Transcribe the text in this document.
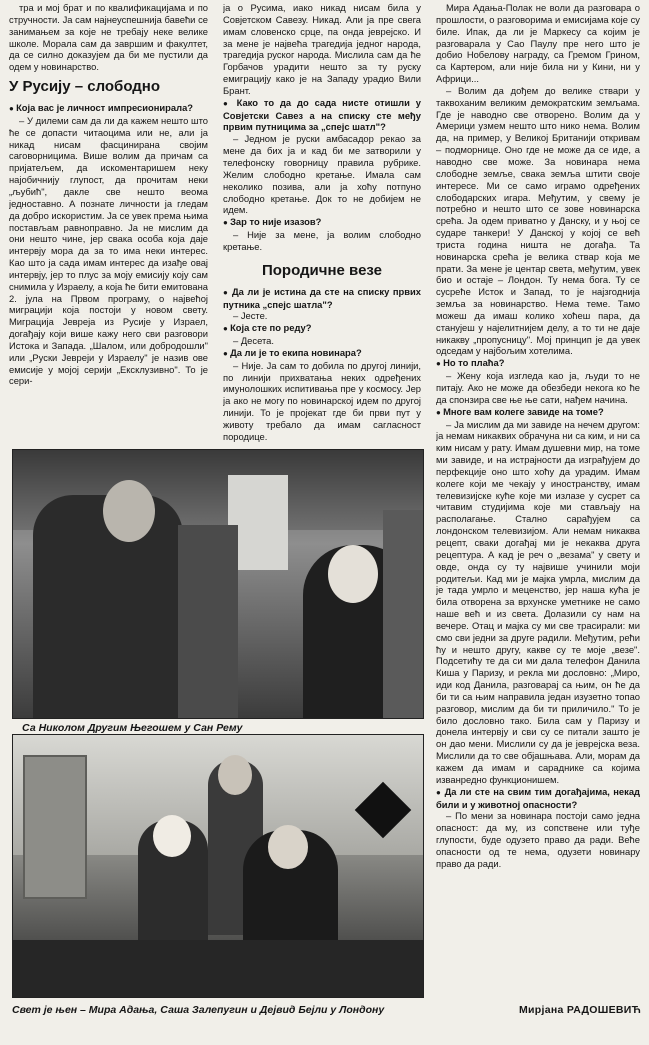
тра и мој брат и по квалификацијама и по стручности. Ја сам најнеуспешнија бавећи се занимањем за које не требају неке велике школе. Морала сам да завршим и факултет, да се силно доказујем да би ме пустили да одем у новинарство.

У Русију – слободно

● Која вас је личност импресионирала?

– У дилеми сам да ли да кажем нешто што ће се допасти читаоцима или не, али ја никад нисам фасцинирана својим саговорницима. Више волим да причам са пријатељем, да искоментаришем неку најобичнију глупост, да прочитам неки „љубић", дакле све нешто веома једноставно. А познате личности ја гледам да добро искористим. Ја се увек према њима постављам равноправно. Ја не мислим да они нешто чине, јер свака особа која даје интервју мора да за то има неки интерес. Као што ја сада имам интерес да изађе овај интервју, јер то плус за моју емисију коју сам снимила у Израелу, а која ће бити емитована 2. јула на Првом програму, о највећој миграцији која постоји у новом свету. Миграција Јевреја из Русије у Израел, догађају који више кажу него сви разговори Истока и Запада. „Шалом, или добродошли" или „Руски Јевреји у Израелу" је назив ове емисије у мојој серији „Ексклузивно". То је сери-

ја о Русима, иако никад нисам била у Совјетском Савезу. Никад. Али ја пре свега имам словенско срце, па онда јеврејско. И за мене је највећа трагедија једног народа, трагедија руског народа. Мислила сам да ће Горбачов урадити нешто за ту руску емиграцију како је на Западу урадио Вили Брант.

● Како то да до сада нисте отишли у Совјетски Савез а на списку сте међу првим путницима за „спејс шатл"?

– Једном је руски амбасадор рекао за мене да бих ја и кад би ме затворили у телефонску говорницу правила рубрике. Желим слободно кретање. Имала сам неколико позива, али ја хоћу потпуно слободно кретање. Док то не добијем не идем.

● Зар то није изазов?

– Није за мене, ја волим слободно кретање.

Породичне везе

● Да ли је истина да сте на списку првих путника „спејс шатла"?

– Јесте.

● Која сте по реду?

– Десета.

● Да ли је то екипа новинара?

– Није. Ја сам то добила по другој линији, по линији прихватања неких одређених имунолошких испитивања пре у космосу. Јер ја ако не могу по новинарској идем по другој линији. То је пројекат где би први пут у животу требало да имам сагласност породице.

Мира Адања-Полак не воли да разговара о прошлости, о разговорима и емисијама које су биле. Ипак, да ли је Маркесу са којим је разговарала у Сао Паулу пре него што је добио Нобелову награду, са Гремом Грином, са Картером, али није била ни у Кини, ни у Африци...

– Волим да дођем до велике ствари у таквоханим великим демократским земљама. Где је наводно све отворено. Волим да у Америци узмем нешто што нико нема. Волим да, на пример, у Великој Британији откривам – подморнице. Оно где не може да се иде, а наводно све може. За новинара нема слободне земље, свака земља штити своје интересе. Ми се само играмо одређених слободарских игара. Међутим, у свему је потребно и нешто што се зове новинарска срећа. Ја одем приватно у Данску, и у њој се сударе танкери! У Данској у којој се већ триста година ништа не догађа. Та новинарска срећа је велика ствар која ме прати. За мене је центар света, међутим, увек био и остаје – Лондон. Ту нема бога. Ту се сусреће Исток и Запад, то је најзгоднија земља за новинарство. Нема теме. Тамо можеш да имаш колико хоћеш пара, да станујеш у најелитнијем делу, а то ти не даје никакву „пропусницу". Мој принцип је да увек одседам у најбољим хотелима.

● Но то плаћа?

– Жену која изгледа као ја, људи то не питају. Ако не може да обезбеди некога ко ће да спонзира све ње ње сати, нађем начина.

● Многе вам колеге завиде на томе?

– Ја мислим да ми завиде на нечем другом: ја немам никаквих обрачуна ни са ким, и ни са ким нисам у рату. Имам душевни мир, на томе ми завиде, и на истрајности да изграђујем до перфекције оно што хоћу да урадим. Имам колеге који ме чекају у иностранству, имам телевизијске куће које ми излазе у сусрет са читавим студијима које ми стављају на располагање. Стално сарађујем са лондонском телевизијом. Али немам никаква рецепт, сваки догађај ми је некаква друга рецептура. А кад је реч о „везама" у свету и овде, онда су ту највише учинили моји родитељи. Кад ми је мајка умрла, мислим да је тада умрло и меценство, јер наша кућа је била отворена за врхунске уметнике не само наше већ и из света. Долазили су нам на вечере. Отац и мајка су ми све трасирали: ми смо сви једни за друге радили. Међутим, рећи ћу и нешто другу, какве су те моје „везе". Подсетићу те да си ми дала телефон Данила Киша у Паризу, и рекла ми дословно: „Миро, иди код Данила, разговарај са њим, он ће да би ти са њим направила један изузетно топао разговор, мислим да би ти приличило." То је било дословно тако. Била сам у Паризу и донела интервју и сви су се питали зашто је он дао мени. Мислили су да је јеврејска веза. Мислили да то све објашњава. Али, морам да кажем да имам и сараднике са којима изванредно функционишем.

● Да ли сте на свим тим догађајима, некад били и у животној опасности?

– По мени за новинара постоји само једна опасност: да му, из сопствене или туђе глупости, буде одузето право да ради. Веће опасности од те нема, одузети новинару право да ради.

Са Николом Другим Његошем у Сан Рему
Свет је њен – Мира Адања, Саша Залепугин и Дејвид Бејли у Лондону	Мирјана РАДОШЕВИЋ
